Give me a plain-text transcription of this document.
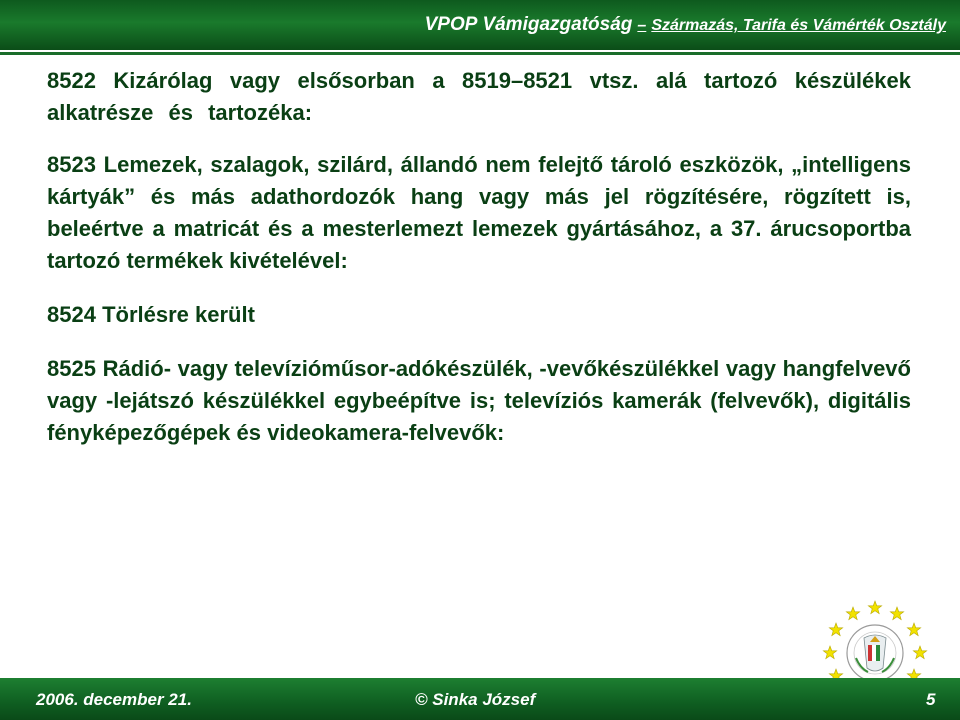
VPOP Vámigazgatóság – Származás, Tarifa és Vámérték Osztály

8522 Kizárólag vagy elsősorban a 8519–8521 vtsz. alá tartozó készülékek alkatrésze és tartozéka:

8523 Lemezek, szalagok, szilárd, állandó nem felejtő tároló eszközök, „intelligens kártyák” és más adathordozók hang vagy más jel rögzítésére, rögzített is, beleértve a matricát és a mesterlemezt lemezek gyártásához, a 37. árucsoportba tartozó termékek kivételével:

8524 Törlésre került

8525 Rádió- vagy televízióműsor-adókészülék, -vevőkészülékkel vagy hangfelvevő vagy -lejátszó készülékkel egybeépítve is; televíziós kamerák (felvevők), digitális fényképezőgépek és videokamera-felvevők:

2006. december 21.	© Sinka József	5
